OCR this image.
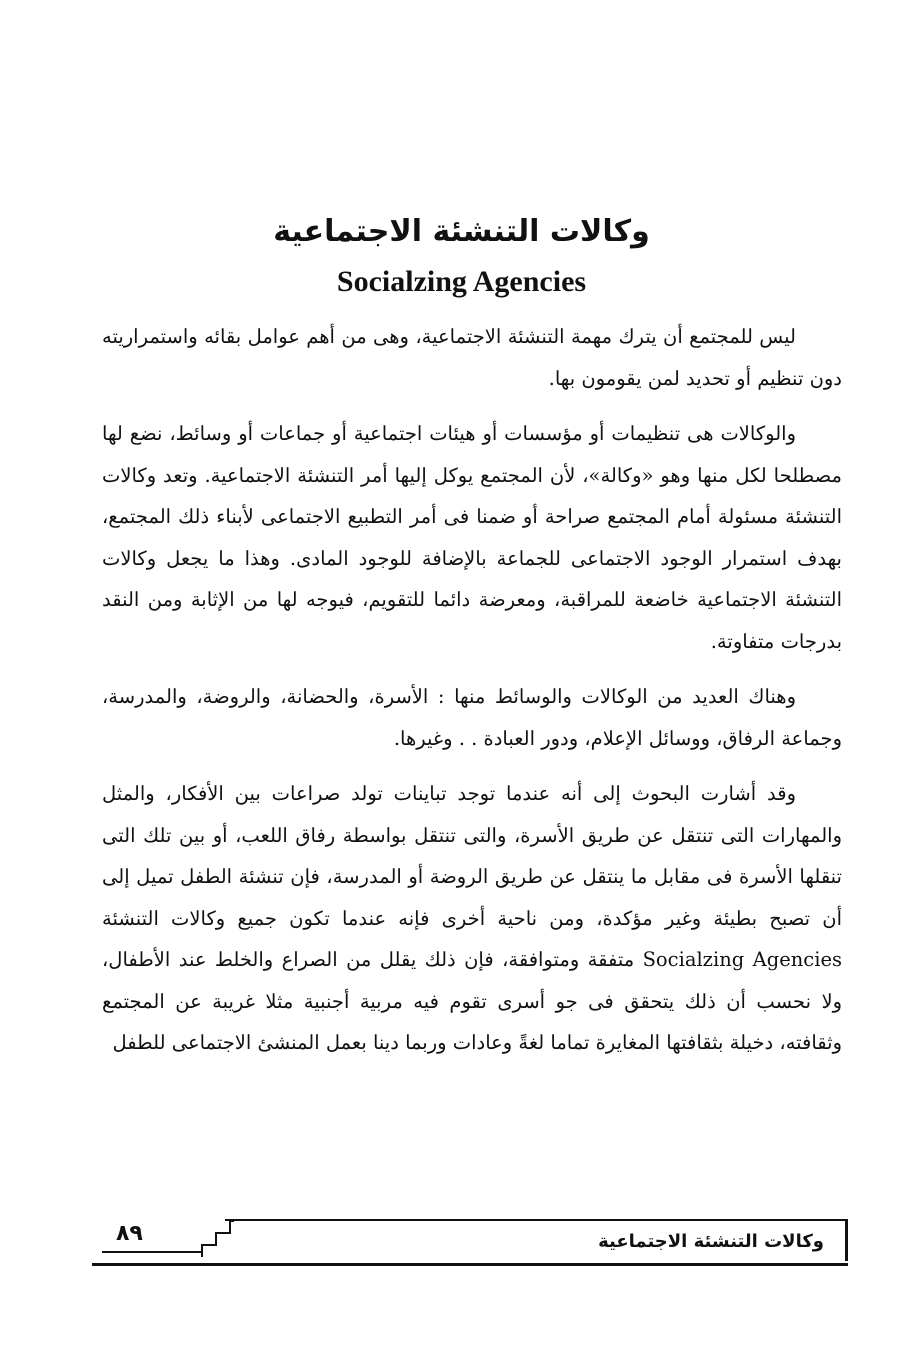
وكالات التنشئة الاجتماعية
Socialzing Agencies

ليس للمجتمع أن يترك مهمة التنشئة الاجتماعية، وهى من أهم عوامل بقائه واستمراريته دون تنظيم أو تحديد لمن يقومون بها.

والوكالات هى تنظيمات أو مؤسسات أو هيئات اجتماعية أو جماعات أو وسائط، نضع لها مصطلحا لكل منها وهو «وكالة»، لأن المجتمع يوكل إليها أمر التنشئة الاجتماعية. وتعد وكالات التنشئة مسئولة أمام المجتمع صراحة أو ضمنا فى أمر التطبيع الاجتماعى لأبناء ذلك المجتمع، بهدف استمرار الوجود الاجتماعى للجماعة بالإضافة للوجود المادى. وهذا ما يجعل وكالات التنشئة الاجتماعية خاضعة للمراقبة، ومعرضة دائما للتقويم، فيوجه لها من الإثابة ومن النقد بدرجات متفاوتة.

وهناك العديد من الوكالات والوسائط منها : الأسرة، والحضانة، والروضة، والمدرسة، وجماعة الرفاق، ووسائل الإعلام، ودور العبادة . . وغيرها.

وقد أشارت البحوث إلى أنه عندما توجد تباينات تولد صراعات بين الأفكار، والمثل والمهارات التى تنتقل عن طريق الأسرة، والتى تنتقل بواسطة رفاق اللعب، أو بين تلك التى تنقلها الأسرة فى مقابل ما ينتقل عن طريق الروضة أو المدرسة، فإن تنشئة الطفل تميل إلى أن تصبح بطيئة وغير مؤكدة، ومن ناحية أخرى فإنه عندما تكون جميع وكالات التنشئة Socialzing Agencies متفقة ومتوافقة، فإن ذلك يقلل من الصراع والخلط عند الأطفال، ولا نحسب أن ذلك يتحقق فى جو أسرى تقوم فيه مربية أجنبية مثلا غريبة عن المجتمع وثقافته، دخيلة بثقافتها المغايرة تماما لغةً وعادات وربما دينا بعمل المنشئ الاجتماعى للطفل

وكالات التنشئة الاجتماعية
٨٩
